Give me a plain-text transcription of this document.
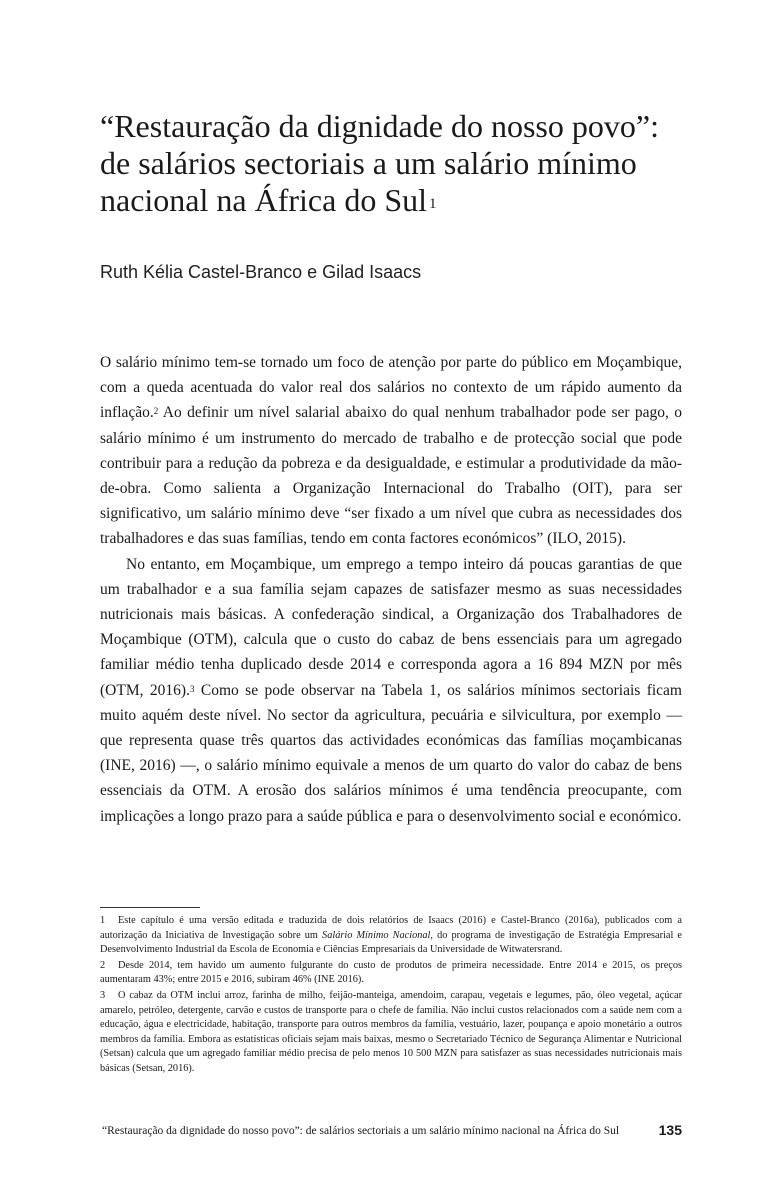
“Restauração da dignidade do nosso povo”:
de salários sectoriais a um salário mínimo
nacional na África do Sul $^1$
Ruth Kélia Castel-Branco e Gilad Isaacs

O salário mínimo tem-se tornado um foco de atenção por parte do público em Moçambique, com a queda acentuada do valor real dos salários no contexto de um rápido aumento da inflação.$^2$ Ao definir um nível salarial abaixo do qual nenhum trabalhador pode ser pago, o salário mínimo é um instrumento do mercado de trabalho e de protecção social que pode contribuir para a redução da pobreza e da desigualdade, e estimular a produtividade da mão-de-obra. Como salienta a Organização Internacional do Trabalho (OIT), para ser significativo, um salário mínimo deve “ser fixado a um nível que cubra as necessidades dos trabalhadores e das suas famílias, tendo em conta factores económicos” (ILO, 2015).

No entanto, em Moçambique, um emprego a tempo inteiro dá poucas garantias de que um trabalhador e a sua família sejam capazes de satisfazer mesmo as suas necessidades nutricionais mais básicas. A confederação sindical, a Organização dos Trabalhadores de Moçambique (OTM), calcula que o custo do cabaz de bens essenciais para um agregado familiar médio tenha duplicado desde 2014 e corresponda agora a 16 894 MZN por mês (OTM, 2016).$^3$ Como se pode observar na Tabela 1, os salários mínimos sectoriais ficam muito aquém deste nível. No sector da agricultura, pecuária e silvicultura, por exemplo — que representa quase três quartos das actividades económicas das famílias moçambicanas (INE, 2016) —, o salário mínimo equivale a menos de um quarto do valor do cabaz de bens essenciais da OTM. A erosão dos salários mínimos é uma tendência preocupante, com implicações a longo prazo para a saúde pública e para o desenvolvimento social e económico.

1 Este capítulo é uma versão editada e traduzida de dois relatórios de Isaacs (2016) e Castel-Branco (2016a), publicados com a autorização da Iniciativa de Investigação sobre um Salário Mínimo Nacional, do programa de investigação de Estratégia Empresarial e Desenvolvimento Industrial da Escola de Economia e Ciências Empresariais da Universidade de Witwatersrand.

2 Desde 2014, tem havido um aumento fulgurante do custo de produtos de primeira necessidade. Entre 2014 e 2015, os preços aumentaram 43%; entre 2015 e 2016, subiram 46% (INE 2016).

3 O cabaz da OTM inclui arroz, farinha de milho, feijão-manteiga, amendoim, carapau, vegetais e legumes, pão, óleo vegetal, açúcar amarelo, petróleo, detergente, carvão e custos de transporte para o chefe de família. Não inclui custos relacionados com a saúde nem com a educação, água e electricidade, habitação, transporte para outros membros da família, vestuário, lazer, poupança e apoio monetário a outros membros da família. Embora as estatísticas oficiais sejam mais baixas, mesmo o Secretariado Técnico de Segurança Alimentar e Nutricional (Setsan) calcula que um agregado familiar médio precisa de pelo menos 10 500 MZN para satisfazer as suas necessidades nutricionais mais básicas (Setsan, 2016).

“Restauração da dignidade do nosso povo”: de salários sectoriais a um salário mínimo nacional na África do Sul	135
